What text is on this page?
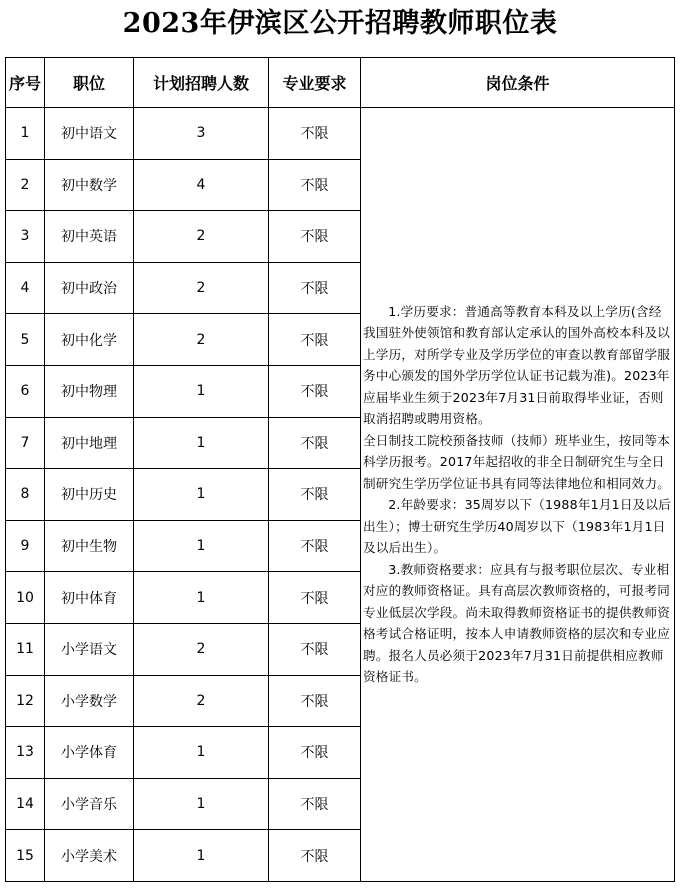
2023年伊滨区公开招聘教师职位表
序号	职位	计划招聘人数	专业要求	岗位条件
1	初中语文	3	不限	1.学历要求：普通高等教育本科及以上学历(含经我国驻外使领馆和教育部认定承认的国外高校本科及以上学历，对所学专业及学历学位的审查以教育部留学服务中心颁发的国外学历学位认证书记载为准)。2023年应届毕业生须于2023年7月31日前取得毕业证，否则取消招聘或聘用资格。

全日制技工院校预备技师（技师）班毕业生，按同等本科学历报考。2017年起招收的非全日制研究生与全日制研究生学历学位证书具有同等法律地位和相同效力。

2.年龄要求：35周岁以下（1988年1月1日及以后出生）；博士研究生学历40周岁以下（1983年1月1日及以后出生）。

3.教师资格要求：应具有与报考职位层次、专业相对应的教师资格证。具有高层次教师资格的，可报考同专业低层次学段。尚未取得教师资格证书的提供教师资格考试合格证明，按本人申请教师资格的层次和专业应聘。报名人员必须于2023年7月31日前提供相应教师资格证书。

2	初中数学	4	不限	
3	初中英语	2	不限	
4	初中政治	2	不限	
5	初中化学	2	不限	
6	初中物理	1	不限	
7	初中地理	1	不限	
8	初中历史	1	不限	
9	初中生物	1	不限	
10	初中体育	1	不限	
11	小学语文	2	不限	
12	小学数学	2	不限	
13	小学体育	1	不限	
14	小学音乐	1	不限	
15	小学美术	1	不限	
